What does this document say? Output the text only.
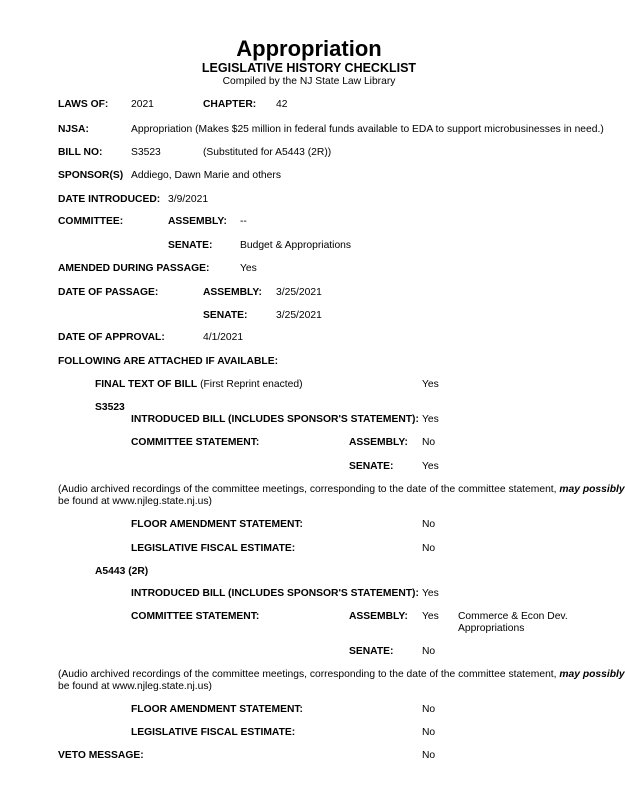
Appropriation
LEGISLATIVE HISTORY CHECKLIST
Compiled by the NJ State Law Library
LAWS OF: 2021	CHAPTER: 42
NJSA:	Appropriation (Makes $25 million in federal funds available to EDA to support microbusinesses in need.)
BILL NO:	S3523	(Substituted for A5443 (2R))
SPONSOR(S) Addiego, Dawn Marie and others
DATE INTRODUCED: 3/9/2021
COMMITTEE:	ASSEMBLY: --
SENATE:	Budget & Appropriations
AMENDED DURING PASSAGE:	Yes
DATE OF PASSAGE:	ASSEMBLY: 3/25/2021
SENATE:	3/25/2021
DATE OF APPROVAL:	4/1/2021
FOLLOWING ARE ATTACHED IF AVAILABLE:
FINAL TEXT OF BILL (First Reprint enacted)	Yes
S3523
INTRODUCED BILL (INCLUDES SPONSOR'S STATEMENT): Yes
COMMITTEE STATEMENT:	ASSEMBLY: No
SENATE:	Yes
(Audio archived recordings of the committee meetings, corresponding to the date of the committee statement, may possibly
be found at www.njleg.state.nj.us)
FLOOR AMENDMENT STATEMENT:	No
LEGISLATIVE FISCAL ESTIMATE:	No
A5443 (2R)
INTRODUCED BILL (INCLUDES SPONSOR'S STATEMENT): Yes
COMMITTEE STATEMENT:	ASSEMBLY: Yes Commerce & Econ Dev.
Appropriations
SENATE:	No
(Audio archived recordings of the committee meetings, corresponding to the date of the committee statement, may possibly
be found at www.njleg.state.nj.us)
FLOOR AMENDMENT STATEMENT:	No
LEGISLATIVE FISCAL ESTIMATE:	No
VETO MESSAGE:	No
